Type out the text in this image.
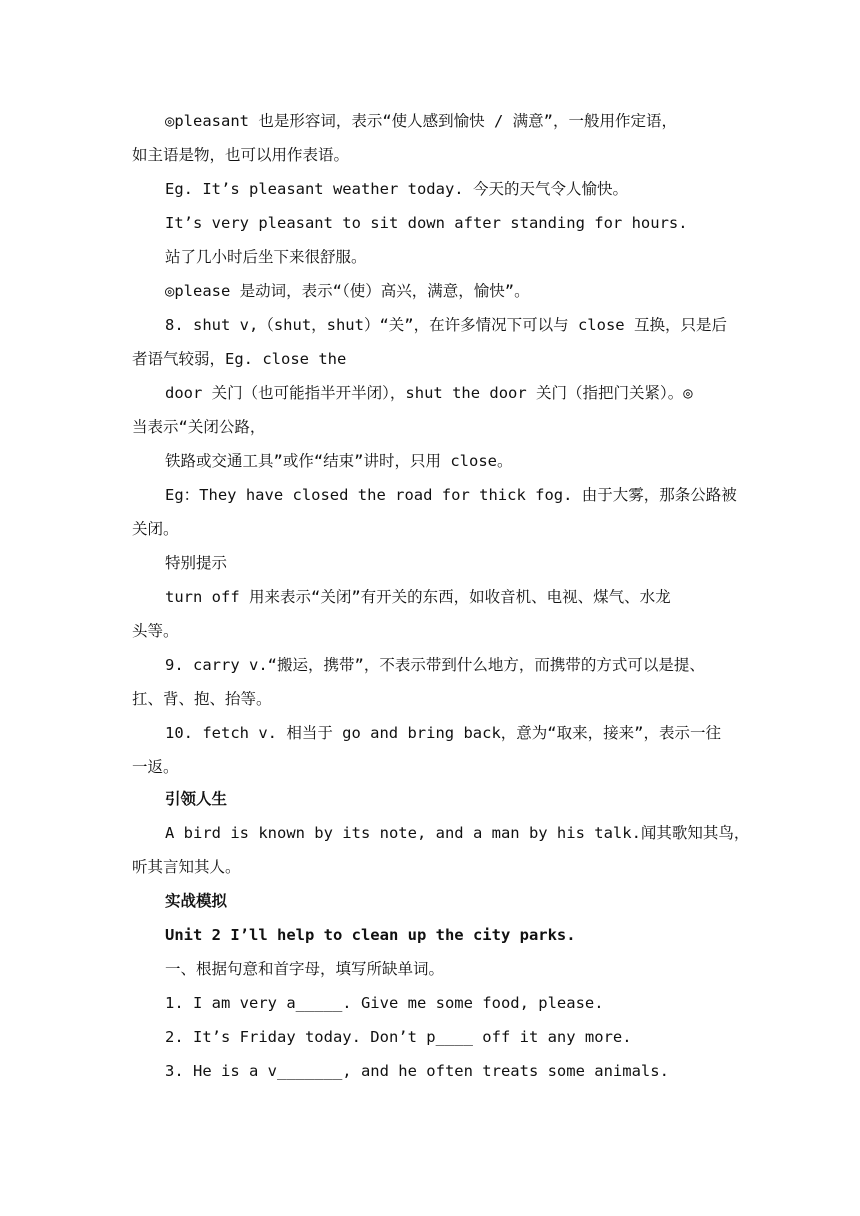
◎pleasant 也是形容词，表示“使人感到愉快 / 满意”，一般用作定语，
如主语是物，也可以用作表语。
Eg. It’s pleasant weather today. 今天的天气令人愉快。
It’s very pleasant to sit down after standing for hours.
站了几小时后坐下来很舒服。
◎please 是动词，表示“（使）高兴，满意，愉快”。
8. shut v,（shut，shut）“关”，在许多情况下可以与 close 互换，只是后
者语气较弱，Eg. close the
door 关门（也可能指半开半闭），shut the door 关门（指把门关紧）。◎
当表示“关闭公路，
铁路或交通工具”或作“结束”讲时，只用 close。
Eg：They have closed the road for thick fog. 由于大雾，那条公路被
关闭。
特别提示
turn off 用来表示“关闭”有开关的东西，如收音机、电视、煤气、水龙
头等。
9. carry v.“搬运，携带”，不表示带到什么地方，而携带的方式可以是提、
扛、背、抱、抬等。
10. fetch v. 相当于 go and bring back，意为“取来，接来”，表示一往
一返。
引领人生
A bird is known by its note, and a man by his talk.闻其歌知其鸟，
听其言知其人。
实战模拟
Unit 2 I’ll help to clean up the city parks.
一、根据句意和首字母，填写所缺单词。
1. I am very a_____. Give me some food, please.
2. It’s Friday today. Don’t p____ off it any more.
3. He is a v_______, and he often treats some animals.
